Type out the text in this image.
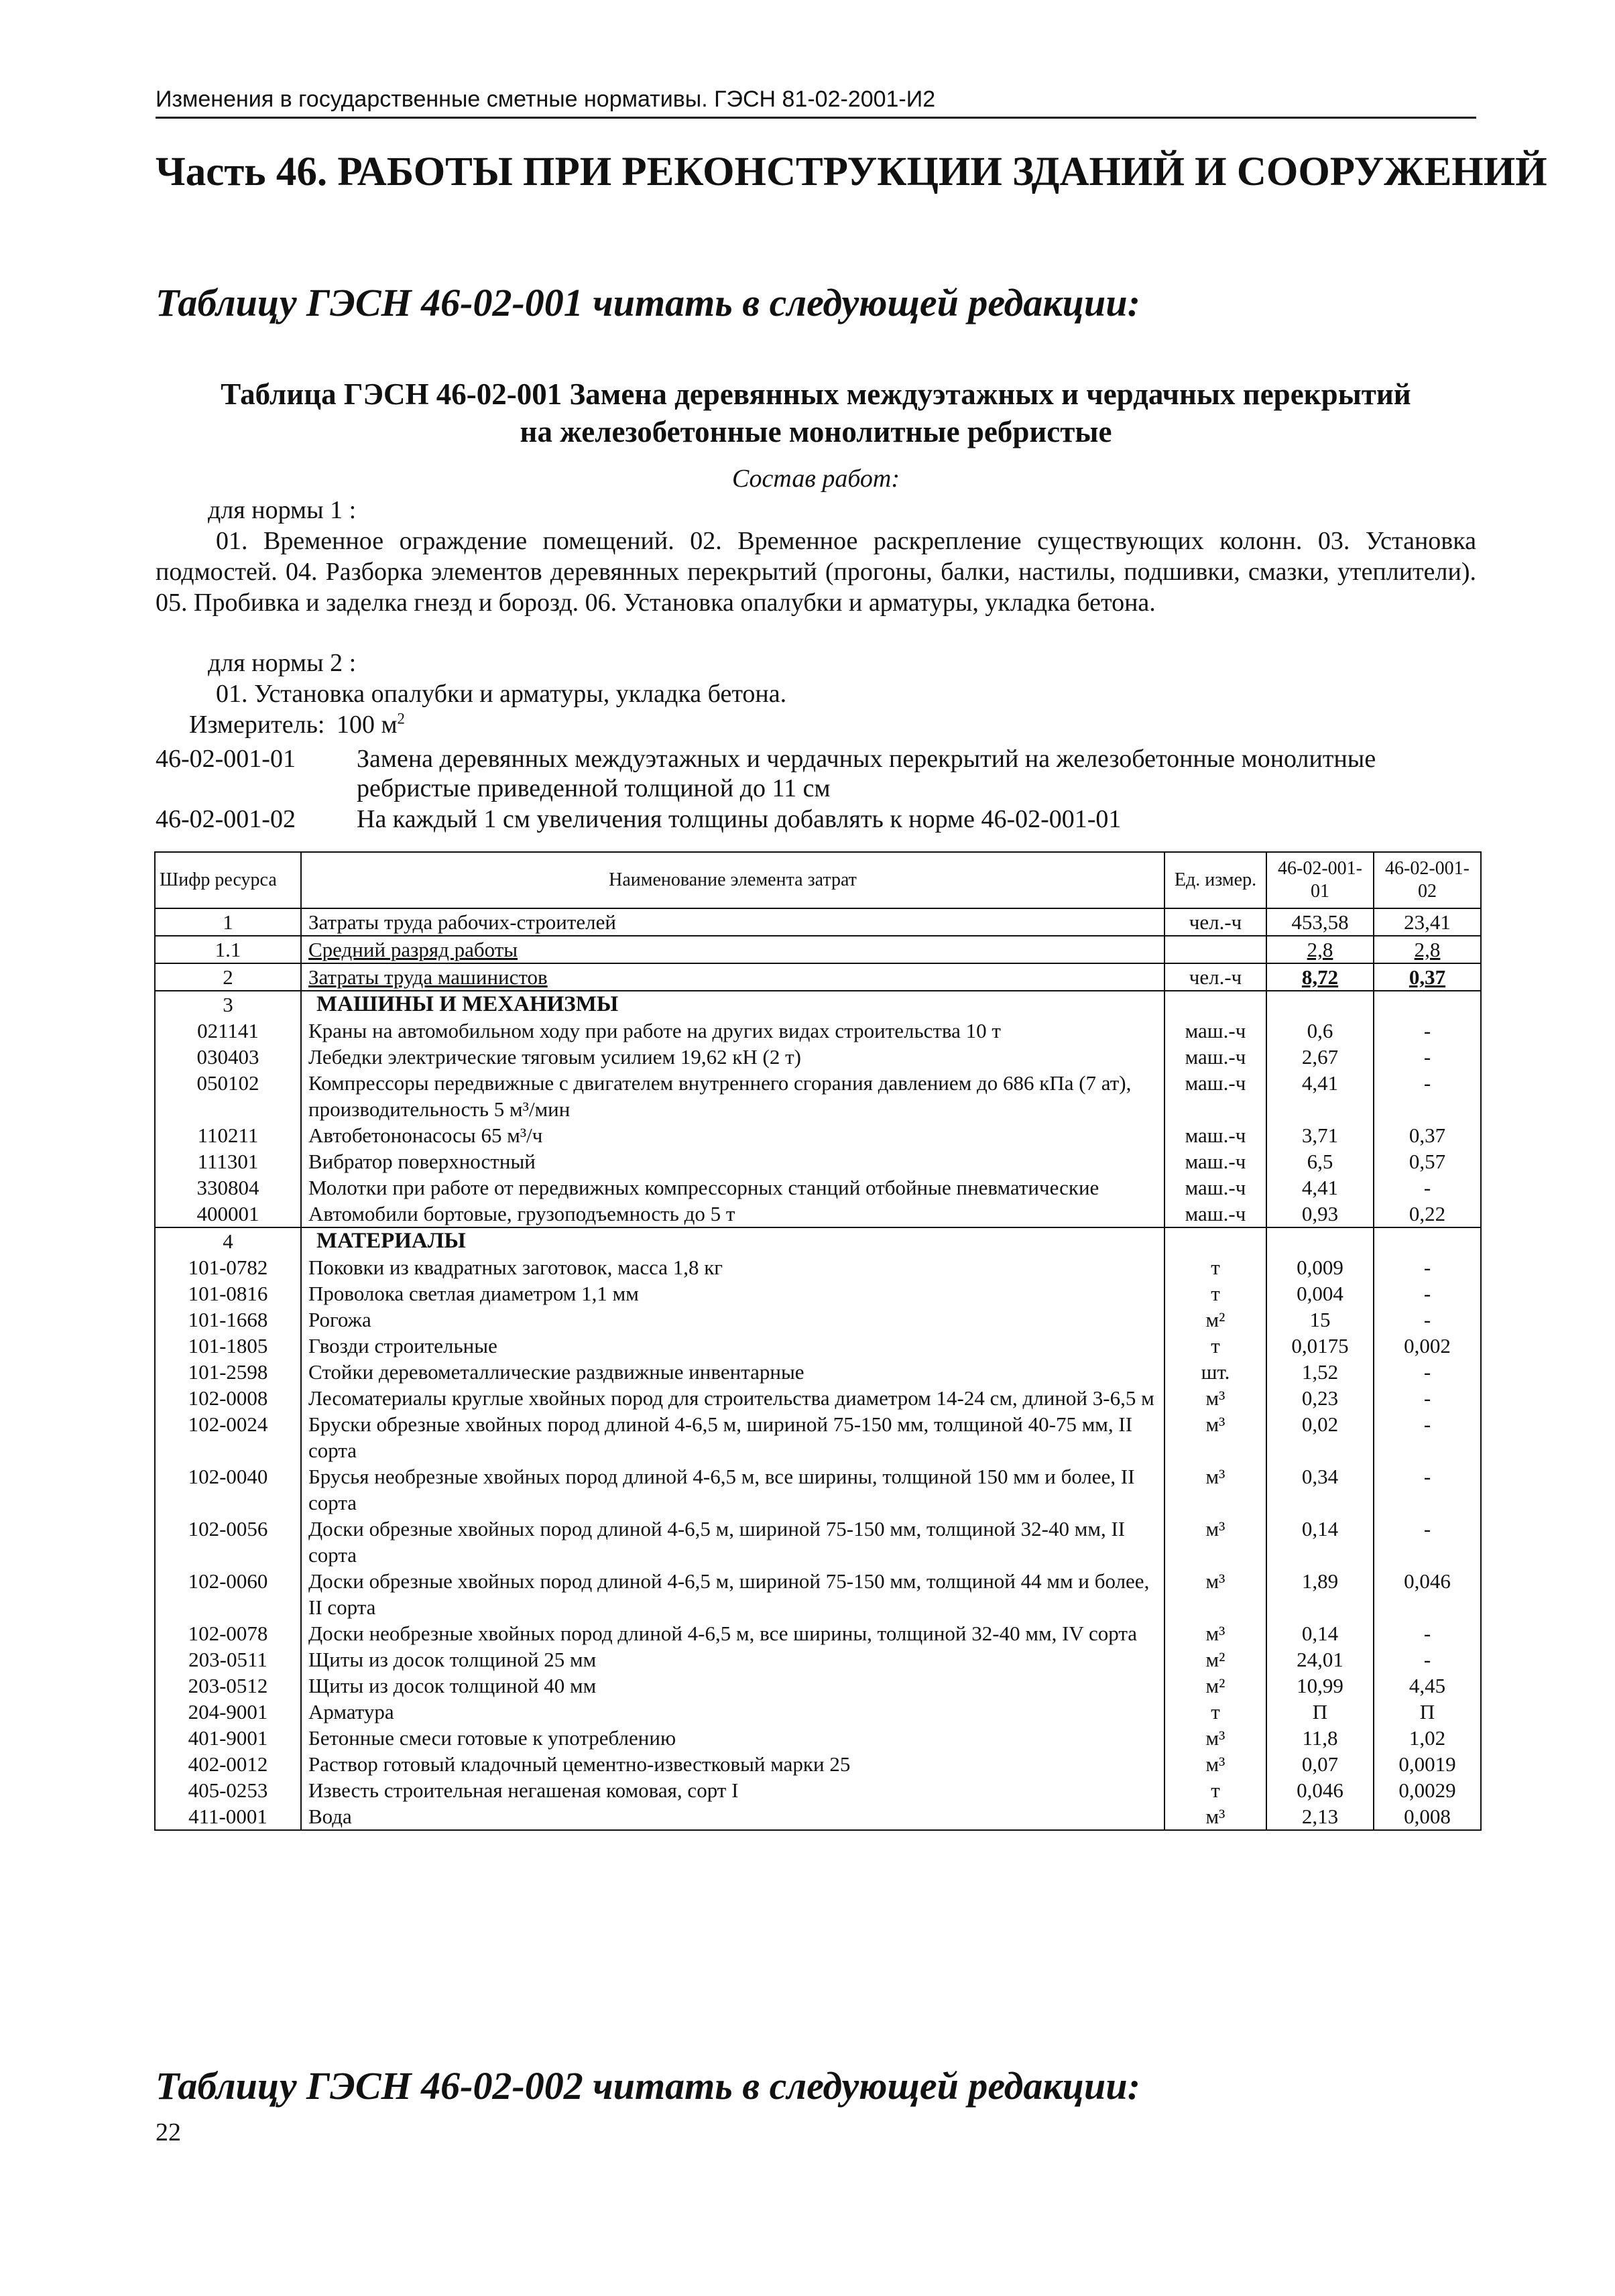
Изменения в государственные сметные нормативы. ГЭСН 81-02-2001-И2
Часть 46. РАБОТЫ ПРИ РЕКОНСТРУКЦИИ ЗДАНИЙ И СООРУЖЕНИЙ
Таблицу ГЭСН 46-02-001 читать в следующей редакции:
Таблица ГЭСН 46-02-001 Замена деревянных междуэтажных и чердачных перекрытий
на железобетонные монолитные ребристые
Состав работ:
для нормы 1 :
01. Временное ограждение помещений. 02. Временное раскрепление существующих колонн. 03. Установка подмостей. 04. Разборка элементов деревянных перекрытий (прогоны, балки, настилы, подшивки, смазки, утеплители). 05. Пробивка и заделка гнезд и борозд. 06. Установка опалубки и арматуры, укладка бетона.
для нормы 2 :
01. Установка опалубки и арматуры, укладка бетона.
Измеритель: 100 $м^2$
46-02-001-01	Замена деревянных междуэтажных и чердачных перекрытий на железобетонные монолитные ребристые приведенной толщиной до 11 см
46-02-001-02	На каждый 1 см увеличения толщины добавлять к норме 46-02-001-01
Шифр ресурса	Наименование элемента затрат	Ед. измер.	46-02-001-01	46-02-001-02
1	Затраты труда рабочих-строителей	чел.-ч	453,58	23,41
1.1	Средний разряд работы		2,8	2,8
2	Затраты труда машинистов	чел.-ч	8,72	0,37
3	МАШИНЫ И МЕХАНИЗМЫ			
021141	Краны на автомобильном ходу при работе на других видах строительства 10 т	маш.-ч	0,6	-
030403	Лебедки электрические тяговым усилием 19,62 кН (2 т)	маш.-ч	2,67	-
050102	Компрессоры передвижные с двигателем внутреннего сгорания давлением до 686 кПа (7 ат), производительность 5 м³/мин	маш.-ч	4,41	-
110211	Автобетононасосы 65 м³/ч	маш.-ч	3,71	0,37
111301	Вибратор поверхностный	маш.-ч	6,5	0,57
330804	Молотки при работе от передвижных компрессорных станций отбойные пневматические	маш.-ч	4,41	-
400001	Автомобили бортовые, грузоподъемность до 5 т	маш.-ч	0,93	0,22
4	МАТЕРИАЛЫ			
101-0782	Поковки из квадратных заготовок, масса 1,8 кг	т	0,009	-
101-0816	Проволока светлая диаметром 1,1 мм	т	0,004	-
101-1668	Рогожа	м²	15	-
101-1805	Гвозди строительные	т	0,0175	0,002
101-2598	Стойки деревометаллические раздвижные инвентарные	шт.	1,52	-
102-0008	Лесоматериалы круглые хвойных пород для строительства диаметром 14-24 см, длиной 3-6,5 м	м³	0,23	-
102-0024	Бруски обрезные хвойных пород длиной 4-6,5 м, шириной 75-150 мм, толщиной 40-75 мм, II сорта	м³	0,02	-
102-0040	Брусья необрезные хвойных пород длиной 4-6,5 м, все ширины, толщиной 150 мм и более, II сорта	м³	0,34	-
102-0056	Доски обрезные хвойных пород длиной 4-6,5 м, шириной 75-150 мм, толщиной 32-40 мм, II сорта	м³	0,14	-
102-0060	Доски обрезные хвойных пород длиной 4-6,5 м, шириной 75-150 мм, толщиной 44 мм и более, II сорта	м³	1,89	0,046
102-0078	Доски необрезные хвойных пород длиной 4-6,5 м, все ширины, толщиной 32-40 мм, IV сорта	м³	0,14	-
203-0511	Щиты из досок толщиной 25 мм	м²	24,01	-
203-0512	Щиты из досок толщиной 40 мм	м²	10,99	4,45
204-9001	Арматура	т	П	П
401-9001	Бетонные смеси готовые к употреблению	м³	11,8	1,02
402-0012	Раствор готовый кладочный цементно-известковый марки 25	м³	0,07	0,0019
405-0253	Известь строительная негашеная комовая, сорт I	т	0,046	0,0029
411-0001	Вода	м³	2,13	0,008
Таблицу ГЭСН 46-02-002 читать в следующей редакции:
22
